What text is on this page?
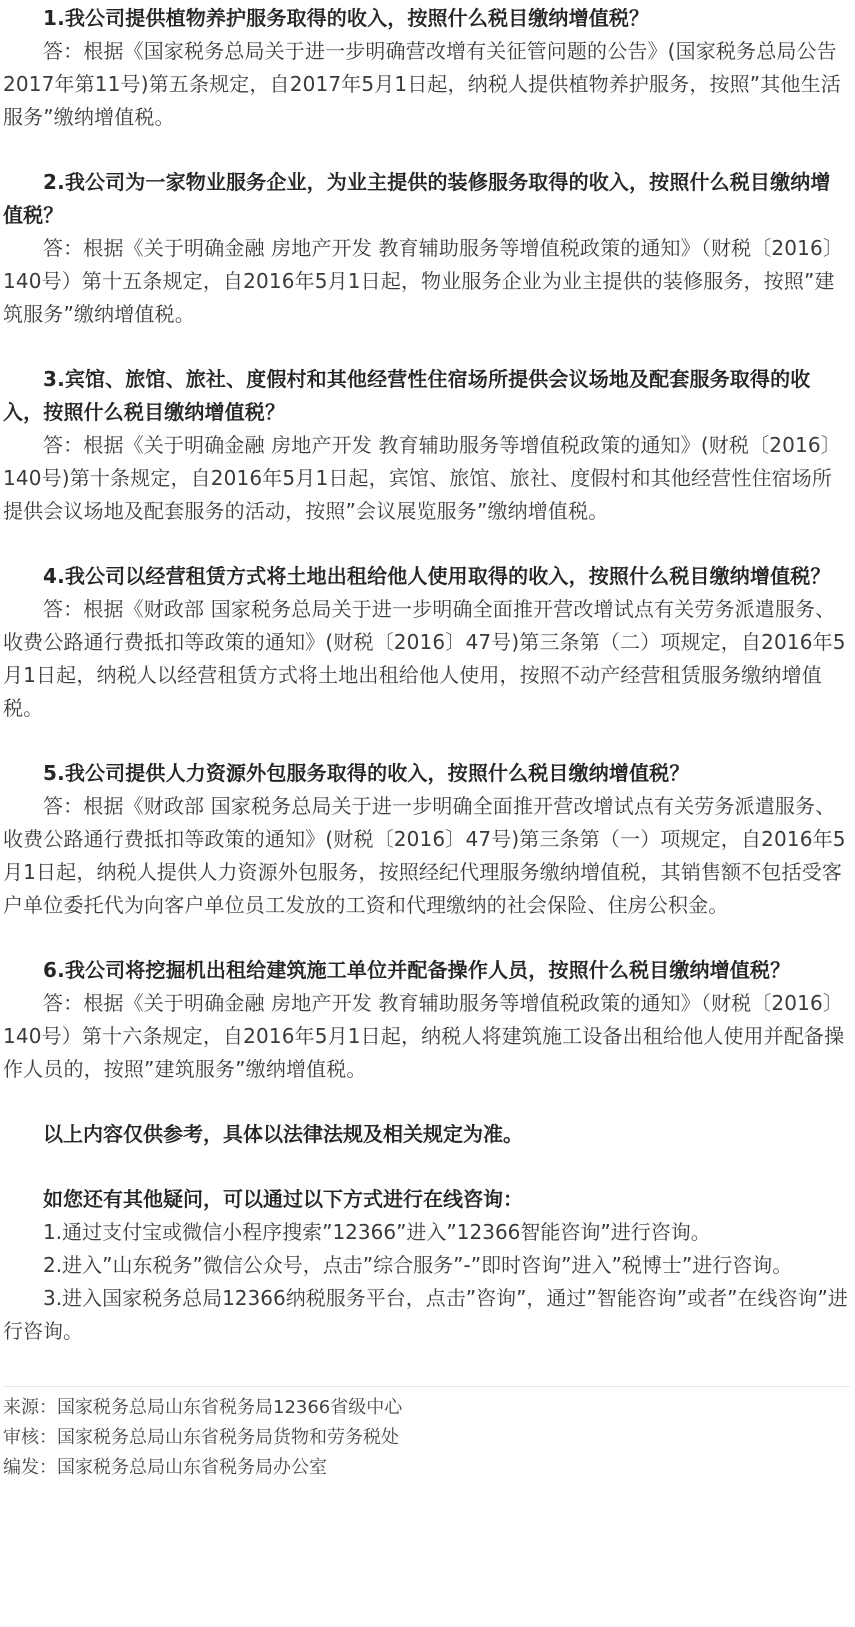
1.我公司提供植物养护服务取得的收入，按照什么税目缴纳增值税？

答：根据《国家税务总局关于进一步明确营改增有关征管问题的公告》(国家税务总局公告2017年第11号)第五条规定，自2017年5月1日起，纳税人提供植物养护服务，按照”其他生活服务”缴纳增值税。

2.我公司为一家物业服务企业，为业主提供的装修服务取得的收入，按照什么税目缴纳增值税？

答：根据《关于明确金融 房地产开发 教育辅助服务等增值税政策的通知》（财税〔2016〕140号）第十五条规定，自2016年5月1日起，物业服务企业为业主提供的装修服务，按照”建筑服务”缴纳增值税。

3.宾馆、旅馆、旅社、度假村和其他经营性住宿场所提供会议场地及配套服务取得的收入，按照什么税目缴纳增值税？

答：根据《关于明确金融 房地产开发 教育辅助服务等增值税政策的通知》(财税〔2016〕140号)第十条规定，自2016年5月1日起，宾馆、旅馆、旅社、度假村和其他经营性住宿场所提供会议场地及配套服务的活动，按照”会议展览服务”缴纳增值税。

4.我公司以经营租赁方式将土地出租给他人使用取得的收入，按照什么税目缴纳增值税？

答：根据《财政部 国家税务总局关于进一步明确全面推开营改增试点有关劳务派遣服务、收费公路通行费抵扣等政策的通知》(财税〔2016〕47号)第三条第（二）项规定，自2016年5月1日起，纳税人以经营租赁方式将土地出租给他人使用，按照不动产经营租赁服务缴纳增值税。

5.我公司提供人力资源外包服务取得的收入，按照什么税目缴纳增值税？

答：根据《财政部 国家税务总局关于进一步明确全面推开营改增试点有关劳务派遣服务、收费公路通行费抵扣等政策的通知》(财税〔2016〕47号)第三条第（一）项规定，自2016年5月1日起，纳税人提供人力资源外包服务，按照经纪代理服务缴纳增值税，其销售额不包括受客户单位委托代为向客户单位员工发放的工资和代理缴纳的社会保险、住房公积金。

6.我公司将挖掘机出租给建筑施工单位并配备操作人员，按照什么税目缴纳增值税？

答：根据《关于明确金融 房地产开发 教育辅助服务等增值税政策的通知》（财税〔2016〕140号）第十六条规定，自2016年5月1日起，纳税人将建筑施工设备出租给他人使用并配备操作人员的，按照”建筑服务”缴纳增值税。

以上内容仅供参考，具体以法律法规及相关规定为准。

如您还有其他疑问，可以通过以下方式进行在线咨询：

1.通过支付宝或微信小程序搜索”12366”进入”12366智能咨询”进行咨询。

2.进入”山东税务”微信公众号，点击”综合服务”-”即时咨询”进入”税博士”进行咨询。

3.进入国家税务总局12366纳税服务平台，点击”咨询”，通过”智能咨询”或者”在线咨询”进行咨询。

来源：国家税务总局山东省税务局12366省级中心

审核：国家税务总局山东省税务局货物和劳务税处

编发：国家税务总局山东省税务局办公室
